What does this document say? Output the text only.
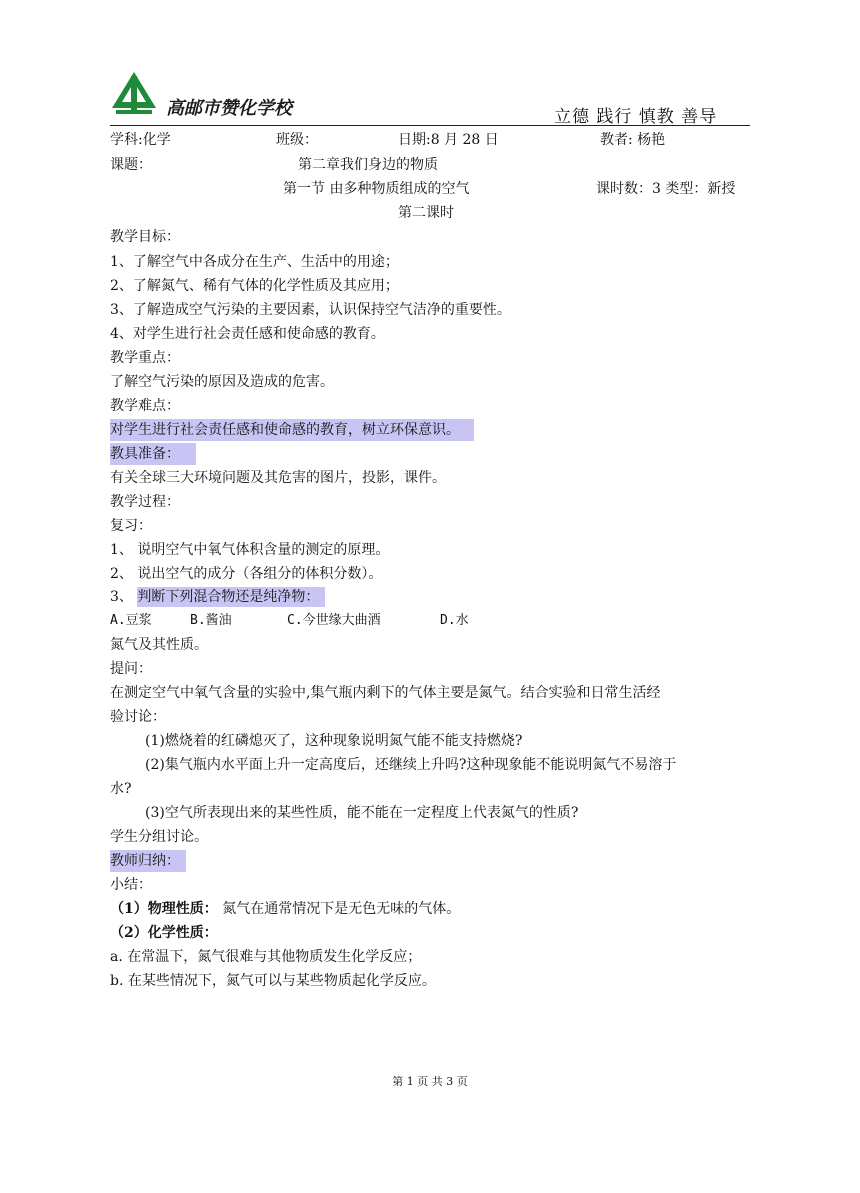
高邮市赞化学校	立德 践行 慎教 善导
学科:化学	班级：	日期:8 月 28 日	教者: 杨艳
课题：	第二章我们身边的物质
第一节 由多种物质组成的空气	课时数：3 类型：新授
第二课时
教学目标：
1、了解空气中各成分在生产、生活中的用途；
2、了解氮气、稀有气体的化学性质及其应用；
3、了解造成空气污染的主要因素，认识保持空气洁净的重要性。
4、对学生进行社会责任感和使命感的教育。
教学重点：
了解空气污染的原因及造成的危害。
教学难点：
对学生进行社会责任感和使命感的教育，树立环保意识。
教具准备：
有关全球三大环境问题及其危害的图片，投影，课件。
教学过程：
复习：
1、 说明空气中氧气体积含量的测定的原理。
2、 说出空气的成分（各组分的体积分数）。
3、 判断下列混合物还是纯净物：
A.豆浆	B.酱油	C.今世缘大曲酒	D.水
氮气及其性质。
提问：
在测定空气中氧气含量的实验中,集气瓶内剩下的气体主要是氮气。结合实验和日常生活经
验讨论：
(1)燃烧着的红磷熄灭了，这种现象说明氮气能不能支持燃烧?
(2)集气瓶内水平面上升一定高度后，还继续上升吗?这种现象能不能说明氮气不易溶于
水?
(3)空气所表现出来的某些性质，能不能在一定程度上代表氮气的性质?
学生分组讨论。
教师归纳：
小结：
（1）物理性质： 氮气在通常情况下是无色无味的气体。
（2）化学性质：
a. 在常温下，氮气很难与其他物质发生化学反应；
b. 在某些情况下，氮气可以与某些物质起化学反应。
第 1 页 共 3 页
